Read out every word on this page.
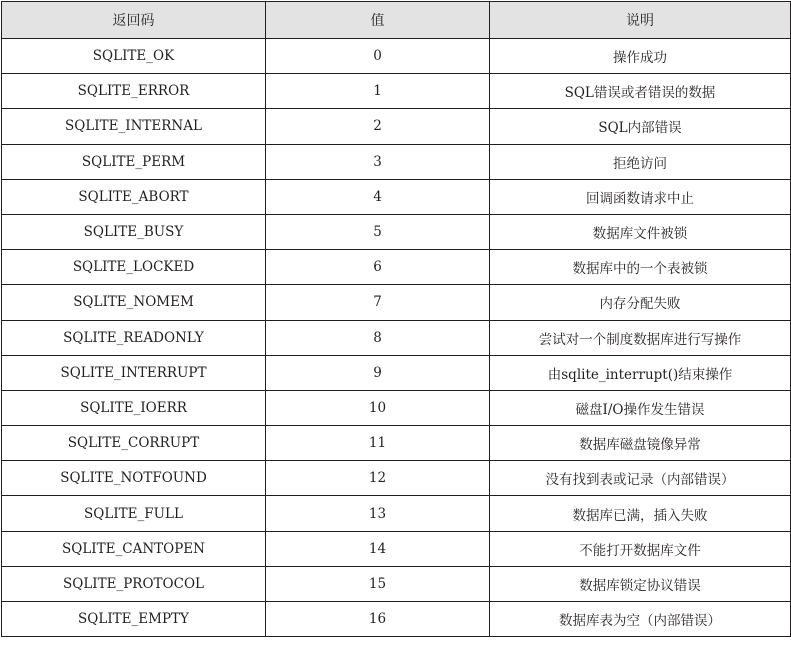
返回码	值	说明
SQLITE_OK	0	操作成功
SQLITE_ERROR	1	SQL错误或者错误的数据
SQLITE_INTERNAL	2	SQL内部错误
SQLITE_PERM	3	拒绝访问
SQLITE_ABORT	4	回调函数请求中止
SQLITE_BUSY	5	数据库文件被锁
SQLITE_LOCKED	6	数据库中的一个表被锁
SQLITE_NOMEM	7	内存分配失败
SQLITE_READONLY	8	尝试对一个制度数据库进行写操作
SQLITE_INTERRUPT	9	由sqlite_interrupt()结束操作
SQLITE_IOERR	10	磁盘I/O操作发生错误
SQLITE_CORRUPT	11	数据库磁盘镜像异常
SQLITE_NOTFOUND	12	没有找到表或记录（内部错误）
SQLITE_FULL	13	数据库已满，插入失败
SQLITE_CANTOPEN	14	不能打开数据库文件
SQLITE_PROTOCOL	15	数据库锁定协议错误
SQLITE_EMPTY	16	数据库表为空（内部错误）
